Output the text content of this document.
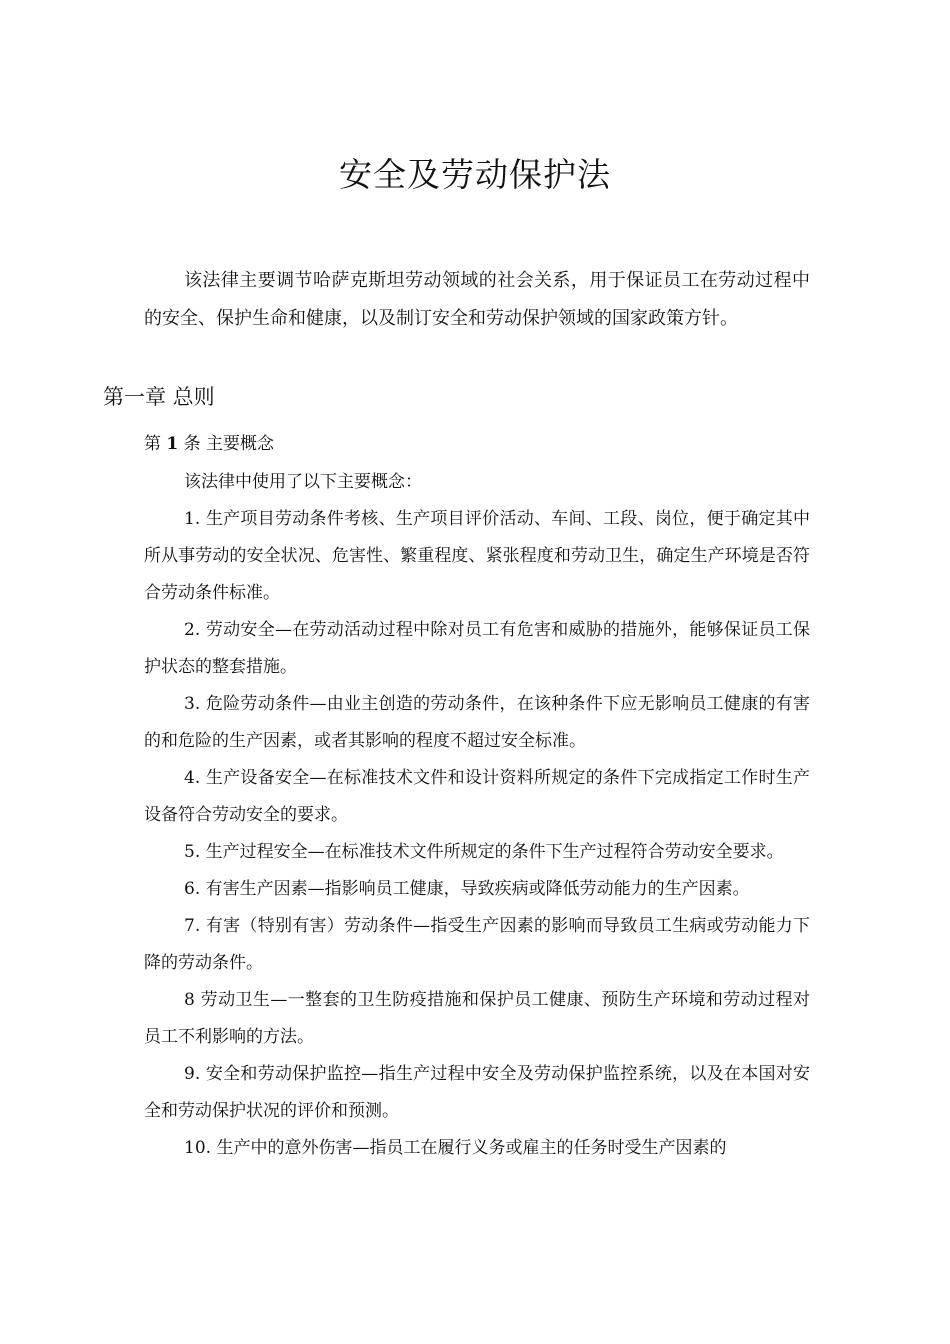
安全及劳动保护法
该法律主要调节哈萨克斯坦劳动领域的社会关系，用于保证员工在劳动过程中的安全、保护生命和健康，以及制订安全和劳动保护领域的国家政策方针。
第一章 总则
第 1 条 主要概念

该法律中使用了以下主要概念：

1. 生产项目劳动条件考核、生产项目评价活动、车间、工段、岗位，便于确定其中所从事劳动的安全状况、危害性、繁重程度、紧张程度和劳动卫生，确定生产环境是否符合劳动条件标准。

2. 劳动安全—在劳动活动过程中除对员工有危害和威胁的措施外，能够保证员工保护状态的整套措施。

3. 危险劳动条件—由业主创造的劳动条件，在该种条件下应无影响员工健康的有害的和危险的生产因素，或者其影响的程度不超过安全标准。

4. 生产设备安全—在标准技术文件和设计资料所规定的条件下完成指定工作时生产设备符合劳动安全的要求。

5. 生产过程安全—在标准技术文件所规定的条件下生产过程符合劳动安全要求。

6. 有害生产因素—指影响员工健康，导致疾病或降低劳动能力的生产因素。

7. 有害（特别有害）劳动条件—指受生产因素的影响而导致员工生病或劳动能力下降的劳动条件。

8 劳动卫生—一整套的卫生防疫措施和保护员工健康、预防生产环境和劳动过程对员工不利影响的方法。

9. 安全和劳动保护监控—指生产过程中安全及劳动保护监控系统，以及在本国对安全和劳动保护状况的评价和预测。

10. 生产中的意外伤害—指员工在履行义务或雇主的任务时受生产因素的
